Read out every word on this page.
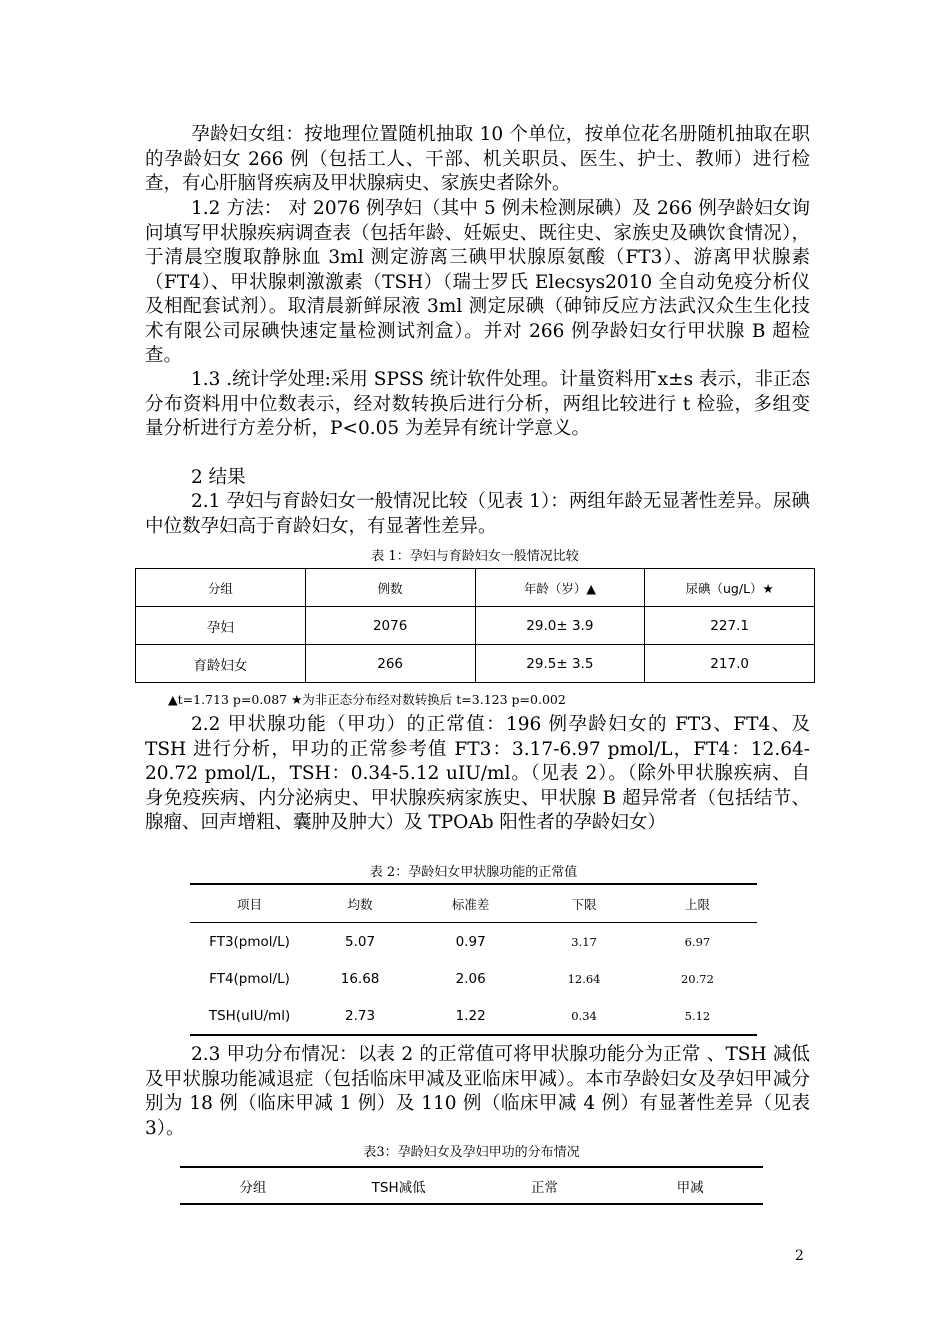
孕龄妇女组：按地理位置随机抽取 10 个单位，按单位花名册随机抽取在职的孕龄妇女 266 例（包括工人、干部、机关职员、医生、护士、教师）进行检查，有心肝脑肾疾病及甲状腺病史、家族史者除外。

1.2 方法： 对 2076 例孕妇（其中 5 例未检测尿碘）及 266 例孕龄妇女询问填写甲状腺疾病调查表（包括年龄、妊娠史、既往史、家族史及碘饮食情况），于清晨空腹取静脉血 3ml 测定游离三碘甲状腺原氨酸（FT3）、游离甲状腺素（FT4）、甲状腺刺激激素（TSH）（瑞士罗氏 Elecsys2010 全自动免疫分析仪及相配套试剂）。取清晨新鲜尿液 3ml 测定尿碘（砷铈反应方法武汉众生生化技术有限公司尿碘快速定量检测试剂盒）。并对 266 例孕龄妇女行甲状腺 B 超检查。

1.3 .统计学处理:采用 SPSS 统计软件处理。计量资料用 ̄x±s 表示，非正态分布资料用中位数表示，经对数转换后进行分析，两组比较进行 t 检验，多组变量分析进行方差分析，P<0.05 为差异有统计学意义。

2 结果

2.1 孕妇与育龄妇女一般情况比较（见表 1）：两组年龄无显著性差异。尿碘中位数孕妇高于育龄妇女，有显著性差异。

表 1：孕妇与育龄妇女一般情况比较
分组	例数	年龄（岁）▲	尿碘（ug/L）★
孕妇	2076	29.0± 3.9	227.1
育龄妇女	266	29.5± 3.5	217.0
▲t=1.713 p=0.087 ★为非正态分布经对数转换后 t=3.123 p=0.002

2.2 甲状腺功能（甲功）的正常值：196 例孕龄妇女的 FT3、FT4、及 TSH 进行分析，甲功的正常参考值 FT3：3.17-6.97 pmol/L，FT4：12.64-20.72 pmol/L，TSH：0.34-5.12 uIU/ml。（见表 2）。（除外甲状腺疾病、自身免疫疾病、内分泌病史、甲状腺疾病家族史、甲状腺 B 超异常者（包括结节、腺瘤、回声增粗、囊肿及肿大）及 TPOAb 阳性者的孕龄妇女）

表 2：孕龄妇女甲状腺功能的正常值
项目	均数	标准差	下限	上限
FT3(pmol/L)	5.07	0.97	3.17	6.97
FT4(pmol/L)	16.68	2.06	12.64	20.72
TSH(uIU/ml)	2.73	1.22	0.34	5.12

2.3 甲功分布情况：以表 2 的正常值可将甲状腺功能分为正常 、TSH 减低及甲状腺功能减退症（包括临床甲减及亚临床甲减）。本市孕龄妇女及孕妇甲减分别为 18 例（临床甲减 1 例）及 110 例（临床甲减 4 例）有显著性差异（见表 3）。

表3：孕龄妇女及孕妇甲功的分布情况
分组	TSH减低	正常	甲减
2
